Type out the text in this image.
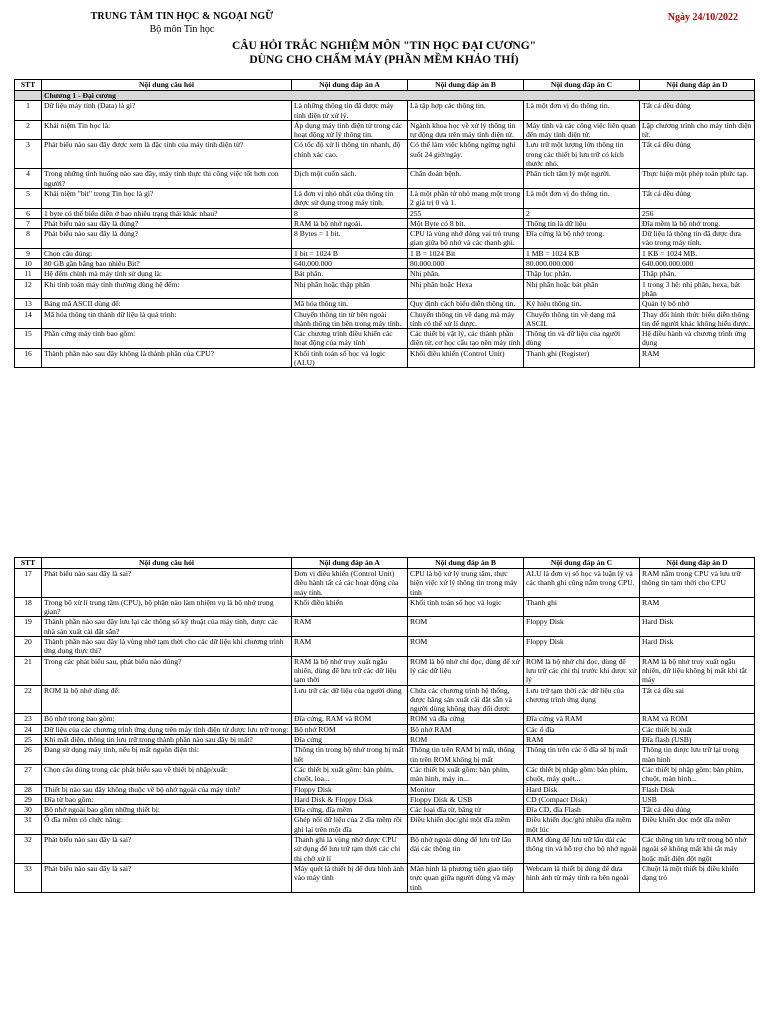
TRUNG TÂM TIN HỌC & NGOẠI NGỮ
Bộ môn Tin học
Ngày 24/10/2022
CÂU HỎI TRẮC NGHIỆM MÔN "TIN HỌC ĐẠI CƯƠNG"
DÙNG CHO CHẤM MÁY (PHẦN MỀM KHẢO THÍ)
STT	Nội dung câu hỏi	Nội dung đáp án A	Nội dung đáp án B	Nội dung đáp án C	Nội dung đáp án D
	Chương 1 - Đại cương				
1	Dữ liệu máy tính (Data) là gì?	Là những thông tin đã được máy tính điện tử xử lý.	Là tập hợp các thông tin.	Là một đơn vị đo thông tin.	Tất cả đều đúng
2	Khái niệm Tin học là:	Áp dụng máy tính điện tử trong các hoạt động xử lý thông tin.	Ngành khoa học về xử lý thông tin tự động dựa trên máy tính điện tử.	Máy tính và các công việc liên quan đến máy tính điện tử.	Lập chương trình cho máy tính điện tử.
3	Phát biểu nào sau đây được xem là đặc tính của máy tính điện tử?	Có tốc độ xử lí thông tin nhanh, độ chính xác cao.	Có thể làm việc không ngừng nghỉ suốt 24 giờ/ngày.	Lưu trữ một lượng lớn thông tin trong các thiết bị lưu trữ có kích thước nhỏ.	Tất cả đều đúng
4	Trong những tình huống nào sau đây, máy tính thực thi công việc tốt hơn con người?	Dịch một cuốn sách.	Chẩn đoán bệnh.	Phân tích tâm lý một người.	Thực hiện một phép toán phức tạp.
5	Khái niệm "bit" trong Tin học là gì?	Là đơn vị nhỏ nhất của thông tin được sử dụng trong máy tính.	Là một phần tử nhỏ mang một trong 2 giá trị 0 và 1.	Là một đơn vị đo thông tin.	Tất cả đều đúng
6	1 byte có thể biểu diễn ở bao nhiêu trạng thái khác nhau?	8	255	2	256
7	Phát biểu nào sau đây là đúng?	RAM là bộ nhớ ngoài.	Một Byte có 8 bit.	Thông tin là dữ liệu	Đĩa mềm là bộ nhớ trong.
8	Phát biểu nào sau đây là đúng?	8 Bytes = 1 bit.	CPU là vùng nhớ đóng vai trò trung gian giữa bộ nhớ và các thanh ghi.	Đĩa cứng là bộ nhớ trong.	Dữ liệu là thông tin đã được đưa vào trong máy tính.
9	Chọn câu đúng:	1 bit = 1024 B	1 B = 1024 Bit	1 MB = 1024 KB	1 KB = 1024 MB.
10	80 GB gần bằng bao nhiêu Bit?	640.000.000	80.000.000	80.000.000.000	640.000.000.000
11	Hệ đếm chính mà máy tính sử dụng là:	Bát phân.	Nhị phân.	Thập lục phân.	Thập phân.
12	Khi tính toán máy tính thường dùng hệ đếm:	Nhị phân hoặc thập phân	Nhị phân hoặc Hexa	Nhị phân hoặc bát phân	1 trong 3 hệ: nhị phân, hexa, bát phân
13	Bảng mã ASCII dùng để:	Mã hóa thông tin.	Quy định cách biểu diễn thông tin.	Ký hiệu thông tin.	Quản lý bộ nhớ
14	Mã hóa thông tin thành dữ liệu là quá trình:	Chuyển thông tin từ bên ngoài thành thông tin bên trong máy tính.	Chuyển thông tin về dạng mà máy tính có thể xử lí được.	Chuyển thông tin về dạng mã ASCII.	Thay đổi hình thức biểu diễn thông tin để người khác không hiểu được.
15	Phần cứng máy tính bao gồm:	Các chương trình điều khiển các hoạt động của máy tính	Các thiết bị vật lý, các thành phần điện tử, cơ học cấu tạo nên máy tính	Thông tin và dữ liệu của người dùng	Hệ điều hành và chương trình ứng dụng
16	Thành phần nào sau đây không là thành phần của CPU?	Khối tính toán số học và logic (ALU)	Khối điều khiển (Control Unit)	Thanh ghi (Register)	RAM
STT	Nội dung câu hỏi	Nội dung đáp án A	Nội dung đáp án B	Nội dung đáp án C	Nội dung đáp án D
17	Phát biểu nào sau đây là sai?	Đơn vị điều khiển (Control Unit) điều hành tất cả các hoạt động của máy tính.	CPU là bộ xử lý trung tâm, thực hiện việc xử lý thông tin trong máy tính	ALU là đơn vị số học và luận lý và các thanh ghi cũng nằm trong CPU.	RAM nằm trong CPU và lưu trữ thông tin tạm thời cho CPU
18	Trong bộ xử lí trung tâm (CPU), bộ phận nào làm nhiệm vụ là bộ nhớ trung gian?	Khối điều khiển	Khối tính toán số học và logic	Thanh ghi	RAM
19	Thành phần nào sau đây lưu lại các thông số kỹ thuật của máy tính, được các nhà sản xuất cài đặt sẵn?	RAM	ROM	Floppy Disk	Hard Disk
20	Thành phần nào sau đây là vùng nhớ tạm thời cho các dữ liệu khi chương trình ứng dụng thực thi?	RAM	ROM	Floppy Disk	Hard Disk
21	Trong các phát biểu sau, phát biểu nào đúng?	RAM là bộ nhớ truy xuất ngẫu nhiên, dùng để lưu trữ các dữ liệu tạm thời	ROM là bộ nhớ chỉ đọc, dùng để xử lý các dữ liệu	ROM là bộ nhớ chỉ đọc, dùng để lưu trữ các chỉ thị trước khi được xử lý	RAM là bộ nhớ truy xuất ngẫu nhiên, dữ liệu không bị mất khi tắt máy
22	ROM là bộ nhớ dùng để:	Lưu trữ các dữ liệu của người dùng	Chứa các chương trình hệ thống, được hãng sản xuất cài đặt sẵn và người dùng không thay đổi được	Lưu trữ tạm thời các dữ liệu của chương trình ứng dụng	Tất cả đều sai
23	Bộ nhớ trong bao gồm:	Đĩa cứng, RAM và ROM	ROM và đĩa cứng	Đĩa cứng và RAM	RAM và ROM
24	Dữ liệu của các chương trình ứng dụng trên máy tính điện tử được lưu trữ trong:	Bộ nhớ ROM	Bộ nhớ RAM	Các ổ đĩa	Các thiết bị xuất
25	Khi mất điện, thông tin lưu trữ trong thành phần nào sau đây bị mất?	Đĩa cứng	ROM	RAM	Đĩa flash (USB)
26	Đang sử dụng máy tính, nếu bị mất nguồn điện thì:	Thông tin trong bộ nhớ trong bị mất hết	Thông tin trên RAM bị mất, thông tin trên ROM không bị mất	Thông tin trên các ổ đĩa sẽ bị mất	Thông tin được lưu trữ lại trong màn hình
27	Chọn câu đúng trong các phát biểu sau về thiết bị nhập/xuất:	Các thiết bị xuất gồm: bàn phím, chuột, loa...	Các thiết bị xuất gồm: bàn phím, màn hình, máy in...	Các thiết bị nhập gồm: bàn phím, chuột, máy quét...	Các thiết bị nhập gồm: bàn phím, chuột, màn hình...
28	Thiết bị nào sau đây không thuộc về bộ nhớ ngoài của máy tính?	Floppy Disk	Monitor	Hard Disk	Flash Disk
29	Đĩa từ bao gồm:	Hard Disk & Floppy Disk	Floppy Disk & USB	CD (Compact Disk)	USB
30	Bộ nhớ ngoài bao gồm những thiết bị:	Đĩa cứng, đĩa mềm	Các loại đĩa từ, băng từ	Đĩa CD, đĩa Flash	Tất cả đều đúng
31	Ổ đĩa mềm có chức năng:	Ghép nối dữ liệu của 2 đĩa mềm rồi ghi lại trên một đĩa	Điều khiển đọc/ghi một đĩa mềm	Điều khiển đọc/ghi nhiều đĩa mềm một lúc	Điều khiển đọc một đĩa mềm
32	Phát biểu nào sau đây là sai?	Thanh ghi là vùng nhớ được CPU sử dụng để lưu trữ tạm thời các chỉ thị chờ xử lí	Bộ nhớ ngoài dùng để lưu trữ lâu dài các thông tin	RAM dùng để lưu trữ lâu dài các thông tin và hỗ trợ cho bộ nhớ ngoài	Các thông tin lưu trữ trong bộ nhớ ngoài sẽ không mất khi tắt máy hoặc mất điện đột ngột
33	Phát biểu nào sau đây là sai?	Máy quét là thiết bị để đưa hình ảnh vào máy tính	Màn hình là phương tiện giao tiếp trực quan giữa người dùng và máy tính	Webcam là thiết bị dùng để đưa hình ảnh từ máy tính ra bên ngoài	Chuột là một thiết bị điều khiển dạng trỏ
